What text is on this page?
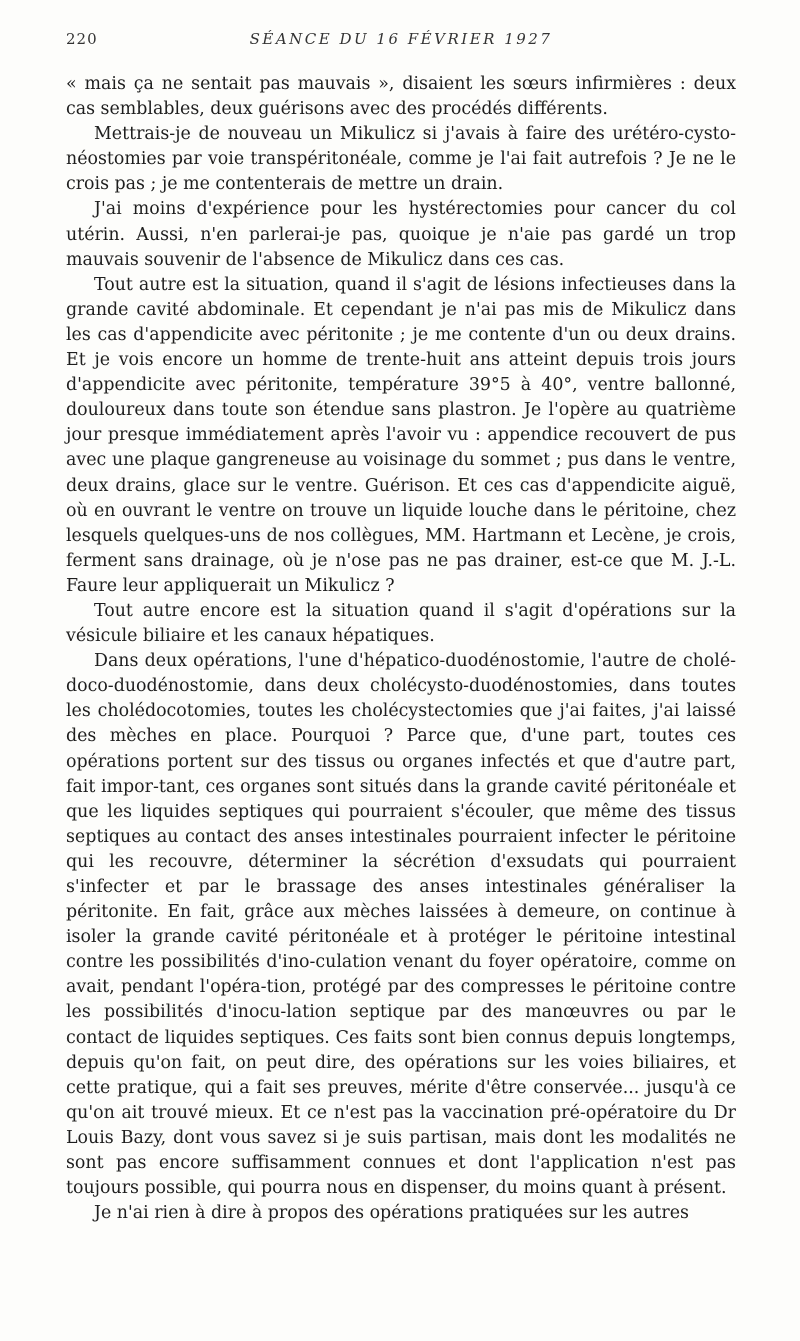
220	SÉANCE DU 16 FÉVRIER 1927

« mais ça ne sentait pas mauvais », disaient les sœurs infirmières : deux cas semblables, deux guérisons avec des procédés différents.

Mettrais-je de nouveau un Mikulicz si j'avais à faire des urétéro-cysto-néostomies par voie transpéritonéale, comme je l'ai fait autrefois ? Je ne le crois pas ; je me contenterais de mettre un drain.

J'ai moins d'expérience pour les hystérectomies pour cancer du col utérin. Aussi, n'en parlerai-je pas, quoique je n'aie pas gardé un trop mauvais souvenir de l'absence de Mikulicz dans ces cas.

Tout autre est la situation, quand il s'agit de lésions infectieuses dans la grande cavité abdominale. Et cependant je n'ai pas mis de Mikulicz dans les cas d'appendicite avec péritonite ; je me contente d'un ou deux drains. Et je vois encore un homme de trente-huit ans atteint depuis trois jours d'appendicite avec péritonite, température 39°5 à 40°, ventre ballonné, douloureux dans toute son étendue sans plastron. Je l'opère au quatrième jour presque immédiatement après l'avoir vu : appendice recouvert de pus avec une plaque gangreneuse au voisinage du sommet ; pus dans le ventre, deux drains, glace sur le ventre. Guérison. Et ces cas d'appendicite aiguë, où en ouvrant le ventre on trouve un liquide louche dans le péritoine, chez lesquels quelques-uns de nos collègues, MM. Hartmann et Lecène, je crois, ferment sans drainage, où je n'ose pas ne pas drainer, est-ce que M. J.-L. Faure leur appliquerait un Mikulicz ?

Tout autre encore est la situation quand il s'agit d'opérations sur la vésicule biliaire et les canaux hépatiques.

Dans deux opérations, l'une d'hépatico-duodénostomie, l'autre de cholé-doco-duodénostomie, dans deux cholécysto-duodénostomies, dans toutes les cholédocotomies, toutes les cholécystectomies que j'ai faites, j'ai laissé des mèches en place. Pourquoi ? Parce que, d'une part, toutes ces opérations portent sur des tissus ou organes infectés et que d'autre part, fait impor-tant, ces organes sont situés dans la grande cavité péritonéale et que les liquides septiques qui pourraient s'écouler, que même des tissus septiques au contact des anses intestinales pourraient infecter le péritoine qui les recouvre, déterminer la sécrétion d'exsudats qui pourraient s'infecter et par le brassage des anses intestinales généraliser la péritonite. En fait, grâce aux mèches laissées à demeure, on continue à isoler la grande cavité péritonéale et à protéger le péritoine intestinal contre les possibilités d'ino-culation venant du foyer opératoire, comme on avait, pendant l'opéra-tion, protégé par des compresses le péritoine contre les possibilités d'inocu-lation septique par des manœuvres ou par le contact de liquides septiques. Ces faits sont bien connus depuis longtemps, depuis qu'on fait, on peut dire, des opérations sur les voies biliaires, et cette pratique, qui a fait ses preuves, mérite d'être conservée... jusqu'à ce qu'on ait trouvé mieux. Et ce n'est pas la vaccination pré-opératoire du Dr Louis Bazy, dont vous savez si je suis partisan, mais dont les modalités ne sont pas encore suffisamment connues et dont l'application n'est pas toujours possible, qui pourra nous en dispenser, du moins quant à présent.

Je n'ai rien à dire à propos des opérations pratiquées sur les autres
